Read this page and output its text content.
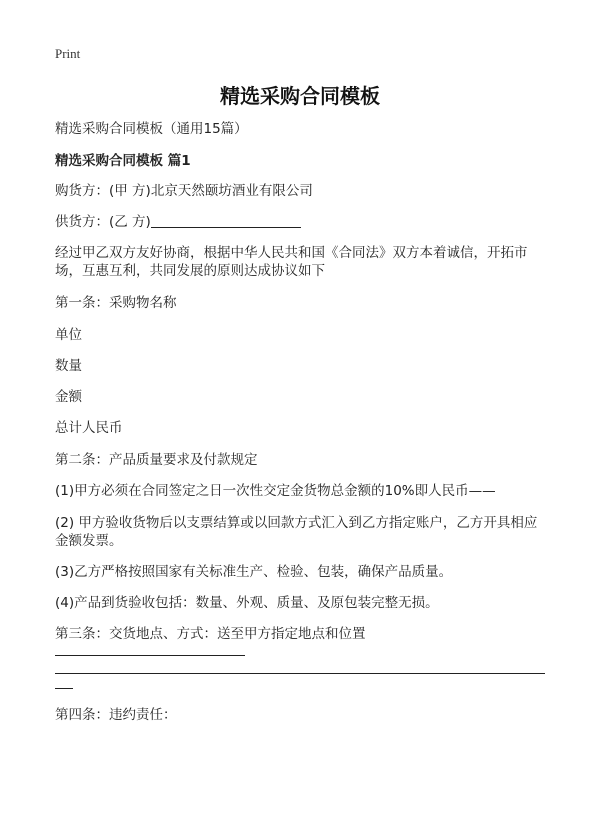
Print
精选采购合同模板
精选采购合同模板（通用15篇）
精选采购合同模板 篇1
购货方：(甲 方)北京天然颐坊酒业有限公司
供货方：(乙 方)
经过甲乙双方友好协商，根据中华人民共和国《合同法》双方本着诚信，开拓市场，互惠互利，共同发展的原则达成协议如下
第一条：采购物名称
单位
数量
金额
总计人民币
第二条：产品质量要求及付款规定
(1)甲方必须在合同签定之日一次性交定金货物总金额的10%即人民币——
(2) 甲方验收货物后以支票结算或以回款方式汇入到乙方指定账户，乙方开具相应金额发票。
(3)乙方严格按照国家有关标准生产、检验、包装，确保产品质量。
(4)产品到货验收包括：数量、外观、质量、及原包装完整无损。
第三条：交货地点、方式：送至甲方指定地点和位置
第四条：违约责任：
